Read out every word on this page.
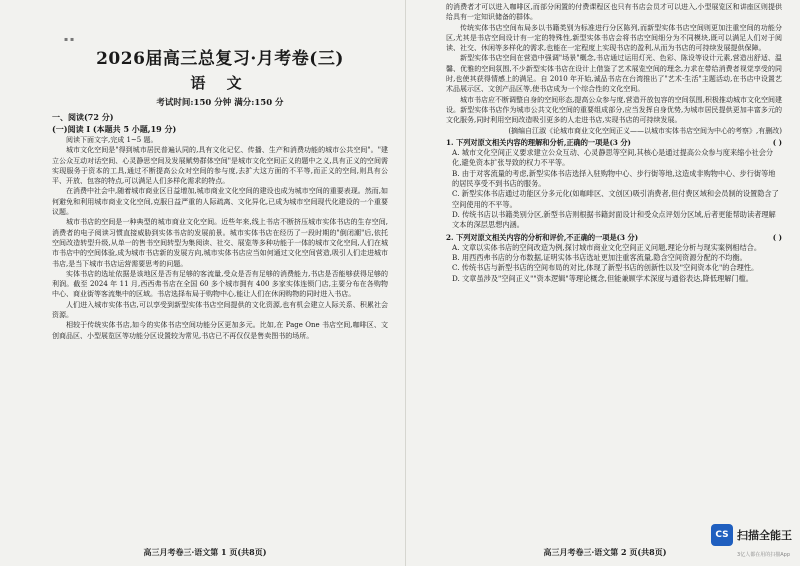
▪ ▪
2026届高三总复习·月考卷(三)
语 文
考试时间:150 分钟 满分:150 分
一、阅读(72 分)
(一)阅读 I (本题共 5 小题,19 分)

阅读下面文字,完成 1~5 题。

城市文化空间是"得到城市居民普遍认同的,具有文化记忆、传播、生产和消费功能的城市公共空间"。"建立公众互动对话空间、心灵静思空间及发展赋势群体空间"是城市文化空间正义的题中之义,具有正义的空间需实现服务于资本的工具,通过不断提高公众对空间的参与度,去扩大这方面的不平等,而正义的空间,则具有公平、开放、包容的特点,可以满足人们多样化需求的特点。

在消费中社会中,随着城市商业区日益增加,城市商业文化空间的建设也成为城市空间的重要表现。然而,如何避免和利用城市商业文化空间,克服日益严重的人际疏离、文化异化,已成为城市空间现代化建设的一个重要议题。

城市书店的空间是一种典型的城市商业文化空间。近些年来,线上书店不断挤压城市实体书店的生存空间,消费者的电子阅读习惯直接威胁到实体书店的发展前景。城市实体书店在经历了一段时期的"倒闭潮"后,依托空间改造转型升级,从单一的售书空间转型为集阅读、社交、展览等多种功能于一体的城市文化空间,人们在城市书店中的空间体验,成为城市书店新的发展方向,城市实体书店应当如何通过文化空间营造,吸引人们走进城市书店,是当下城市书店运营需要思考的问题。

实体书店的选址依据是该地区是否有足够的客流量,受众是否有足够的消费能力,书店是否能够获得足够的利润。截至 2024 年 11 月,西西弗书店在全国 60 多个城市拥有 400 多家实体连锁门店,主要分布在各购物中心、商业街等客流集中的区域。书店选择布局于购物中心,能让人们在休闲购物的同时进入书店。

人们进入城市实体书店,可以享受到新型实体书店空间提供的文化资源,也有机会建立人际关系、积累社会资源。

相较于传统实体书店,如今的实体书店空间功能分区更加多元。比如,在 Page One 书店空间,咖啡区、文创商品区、小型展览区等功能分区设置较为常见,书店已不再仅仅是售卖图书的场所。

高三月考卷三·语文第 1 页(共8页)

的消费者才可以进入咖啡区,而部分闲置的付费课程区也只有书店会员才可以进入,小型展览区和讲座区则提供给具有一定知识储备的群体。

传统实体书店空间布局多以书籍类别为标准进行分区陈列,而新型实体书店空间则更加注重空间的功能分区,尤其是书店空间设计有一定的特殊性,新型实体书店会将书店空间细分为不同模块,既可以满足人们对于阅读、社交、休闲等多样化的需求,也能在一定程度上实现书店的盈利,从而为书店的可持续发展提供保障。

新型实体书店空间在营造中强调"场景"概念,书店通过运用灯光、色彩、陈设等设计元素,营造出舒适、温馨、优雅的空间氛围,不少新型实体书店在设计上借鉴了艺术展览空间的理念,力求在带给消费者视觉享受的同时,也使其获得情感上的满足。自 2010 年开始,诚品书店在台湾推出了"艺术·生活"主题活动,在书店中设置艺术品展示区、文创产品区等,使书店成为一个综合性的文化空间。

城市书店应不断调整自身的空间形态,提高公众参与度,营造开放包容的空间氛围,积极推动城市文化空间建设。新型实体书店作为城市公共文化空间的重要组成部分,应当发挥自身优势,为城市居民提供更加丰富多元的文化服务,同时利用空间改造吸引更多的人走进书店,实现书店的可持续发展。

(摘编自江淑《论城市商业文化空间正义——以城市实体书店空间为中心的考察》,有删改)

1. 下列对原文相关内容的理解和分析,正确的一项是(3 分)	( )
A. 城市文化空间正义要求建立公众互动、心灵静思等空间,其核心是通过提高公众参与度来缩小社会分化,避免资本扩张导致的权力不平等。
B. 由于对客流量的考虑,新型实体书店选择入驻购物中心、步行街等地,这造成非购物中心、步行街等地的居民享受不到书店的服务。
C. 新型实体书店通过功能区分多元化(如咖啡区、文创区)吸引消费者,但付费区域和会员制的设置隐含了空间使用的不平等。
D. 传统书店以书籍类别分区,新型书店则根据书籍封面设计和受众点评划分区域,后者更能帮助读者理解文本的深层思想内涵。
2. 下列对原文相关内容的分析和评价,不正确的一项是(3 分)	( )
A. 文章以实体书店的空间改造为例,探讨城市商业文化空间正义问题,理论分析与现实案例相结合。
B. 用西西弗书店的分布数据,证明实体书店选址更加注重客流量,隐含空间资源分配的不均衡。
C. 传统书店与新型书店的空间布局的对比,体现了新型书店的创新性以及"空间资本化"的合理性。
D. 文章虽涉及"空间正义""资本逻辑"等理论概念,但能兼顾学术深度与通俗表达,降低理解门槛。
高三月考卷三·语文第 2 页(共8页)
CS 扫描全能王
3亿人都在用的扫描App
